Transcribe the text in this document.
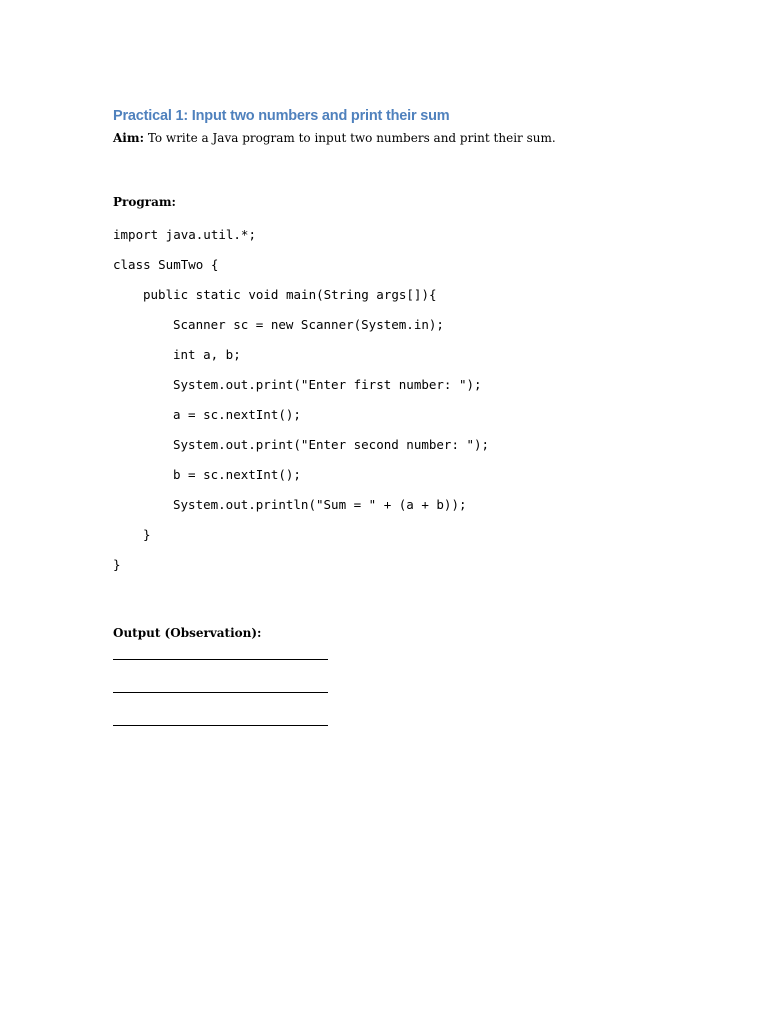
Practical 1: Input two numbers and print their sum

Aim: To write a Java program to input two numbers and print their sum.

Program:

import java.util.*;
class SumTwo {
public static void main(String args[]){
Scanner sc = new Scanner(System.in);
int a, b;
System.out.print("Enter first number: ");
a = sc.nextInt();
System.out.print("Enter second number: ");
b = sc.nextInt();
System.out.println("Sum = " + (a + b));
}
}

Output (Observation):
